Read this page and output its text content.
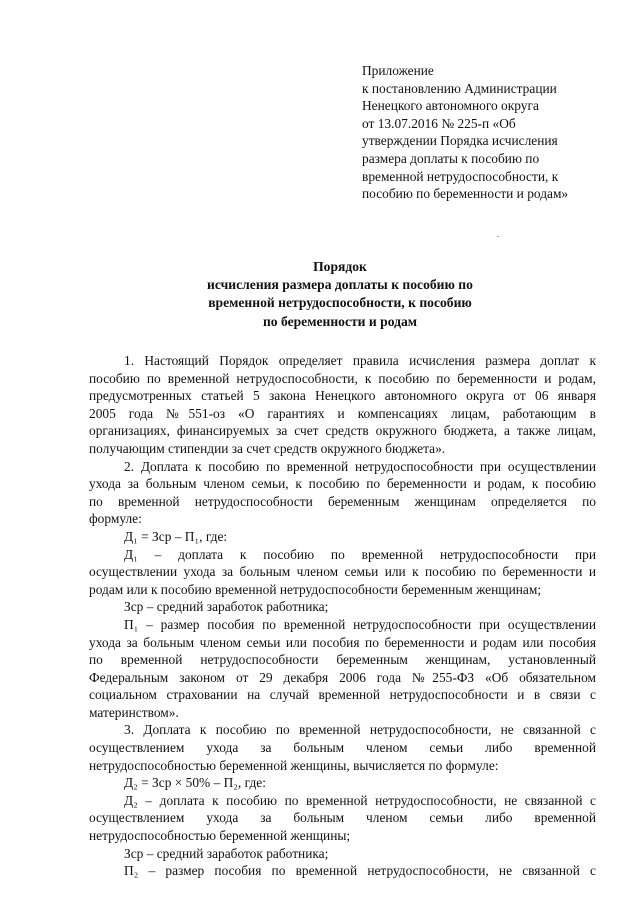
Приложение
к постановлению Администрации
Ненецкого автономного округа
от 13.07.2016 № 225-п «Об
утверждении Порядка исчисления
размера доплаты к пособию по
временной нетрудоспособности, к
пособию по беременности и родам»
Порядок
исчисления размера доплаты к пособию по
временной нетрудоспособности, к пособию
по беременности и родам

1. Настоящий Порядок определяет правила исчисления размера доплат к

пособию по временной нетрудоспособности, к пособию по беременности и родам,

предусмотренных статьей 5 закона Ненецкого автономного округа от 06 января

2005 года №551-оз «О гарантиях и компенсациях лицам, работающим в

организациях, финансируемых за счет средств окружного бюджета, а также лицам,

получающим стипендии за счет средств окружного бюджета».

2. Доплата к пособию по временной нетрудоспособности при осуществлении

ухода за больным членом семьи, к пособию по беременности и родам, к пособию

по временной нетрудоспособности беременным женщинам определяется по

формуле:

Д₁ = Зср – П₁, где:

Д₁ – доплата к пособию по временной нетрудоспособности при

осуществлении ухода за больным членом семьи или к пособию по беременности и

родам или к пособию временной нетрудоспособности беременным женщинам;

Зср – средний заработок работника;

П₁ – размер пособия по временной нетрудоспособности при осуществлении

ухода за больным членом семьи или пособия по беременности и родам или пособия

по временной нетрудоспособности беременным женщинам, установленный

Федеральным законом от 29 декабря 2006 года №255-ФЗ «Об обязательном

социальном страховании на случай временной нетрудоспособности и в связи с

материнством».

3. Доплата к пособию по временной нетрудоспособности, не связанной с

осуществлением ухода за больным членом семьи либо временной

нетрудоспособностью беременной женщины, вычисляется по формуле:

Д₂ = Зср × 50% – П₂, где:

Д₂ – доплата к пособию по временной нетрудоспособности, не связанной с

осуществлением ухода за больным членом семьи либо временной

нетрудоспособностью беременной женщины;

Зср – средний заработок работника;

П₂ – размер пособия по временной нетрудоспособности, не связанной с
